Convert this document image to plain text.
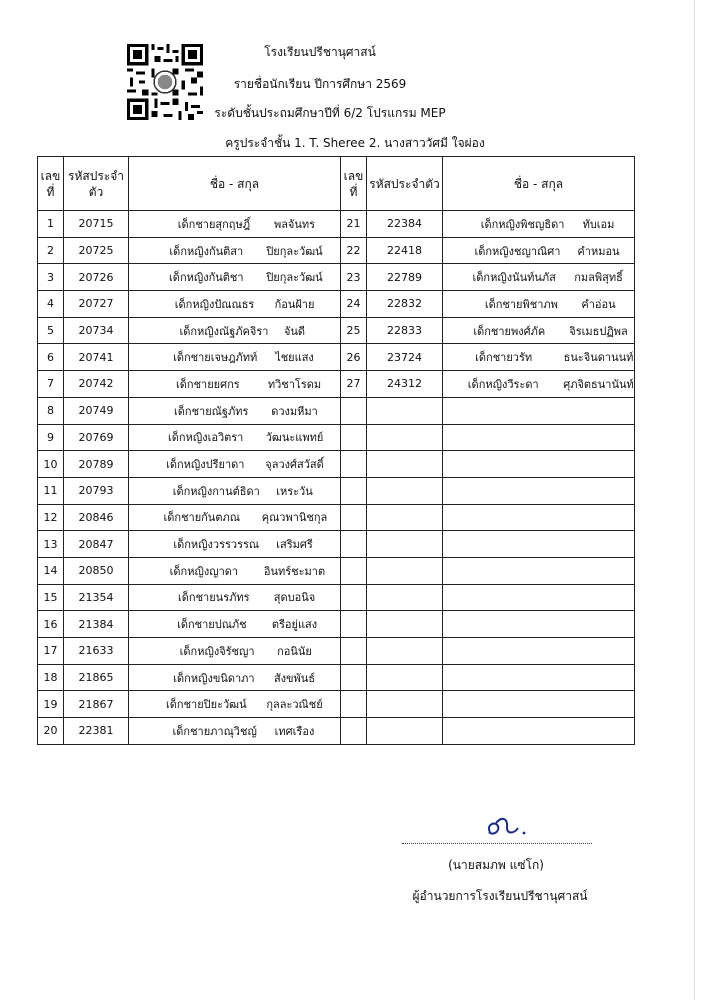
โรงเรียนปรีชานุศาสน์
รายชื่อนักเรียน ปีการศึกษา 2569
ระดับชั้นประถมศึกษาปีที่ 6/2 โปรแกรม MEP
ครูประจำชั้น 1. T. Sheree 2. นางสาววัศมี ใจผ่อง
เลขที่	รหัสประจำตัว	ชื่อ - สกุล	เลขที่	รหัสประจำตัว	ชื่อ - สกุล
1	20715	เด็กชายสุกฤษฎิ์ พลจันทร	21	22384	เด็กหญิงพิชญธิดา ทับเอม
2	20725	เด็กหญิงกันติสา ปิยกุละวัฒน์	22	22418	เด็กหญิงชญาณิศา คำหมอน
3	20726	เด็กหญิงกันติชา ปิยกุละวัฒน์	23	22789	เด็กหญิงนันท์นภัส กมลพิสุทธิ์
4	20727	เด็กหญิงปัณณธร ก้อนฝ้าย	24	22832	เด็กชายพิชาภพ คำอ่อน
5	20734	เด็กหญิงณัฐภัคจิรา จันดี	25	22833	เด็กชายพงศ์ภัค จิรเมธปฏิพล
6	20741	เด็กชายเจษฎภัทท์ ไชยแสง	26	23724	เด็กชายวรัท ธนะจินดานนท์
7	20742	เด็กชายยศกร ทวิชาโรดม	27	24312	เด็กหญิงวีระดา ศุภจิตธนานันท์
8	20749	เด็กชายณัฐภัทร ดวงมหีมา			
9	20769	เด็กหญิงเอวิตรา วัฒนะแพทย์			
10	20789	เด็กหญิงปรียาดา จุลวงศ์สวัสดิ์			
11	20793	เด็กหญิงกานต์ธิดา เหระวัน			
12	20846	เด็กชายกันตภณ คุณวพานิชกุล			
13	20847	เด็กหญิงวรรวรรณ เสริมศรี			
14	20850	เด็กหญิงญาดา อินทร์ชะมาต			
15	21354	เด็กชายนรภัทร สุดบอนิจ			
16	21384	เด็กชายปณภัช ตรีอยู่แสง			
17	21633	เด็กหญิงจิรัชญา กอนินัย			
18	21865	เด็กหญิงขนิดาภา สังขพันธ์			
19	21867	เด็กชายปิยะวัฒน์ กุลละวณิชย์			
20	22381	เด็กชายภาณุวิชญ์ เทศเรือง			
(นายสมภพ แซ่โก)
ผู้อำนวยการโรงเรียนปรีชานุศาสน์
